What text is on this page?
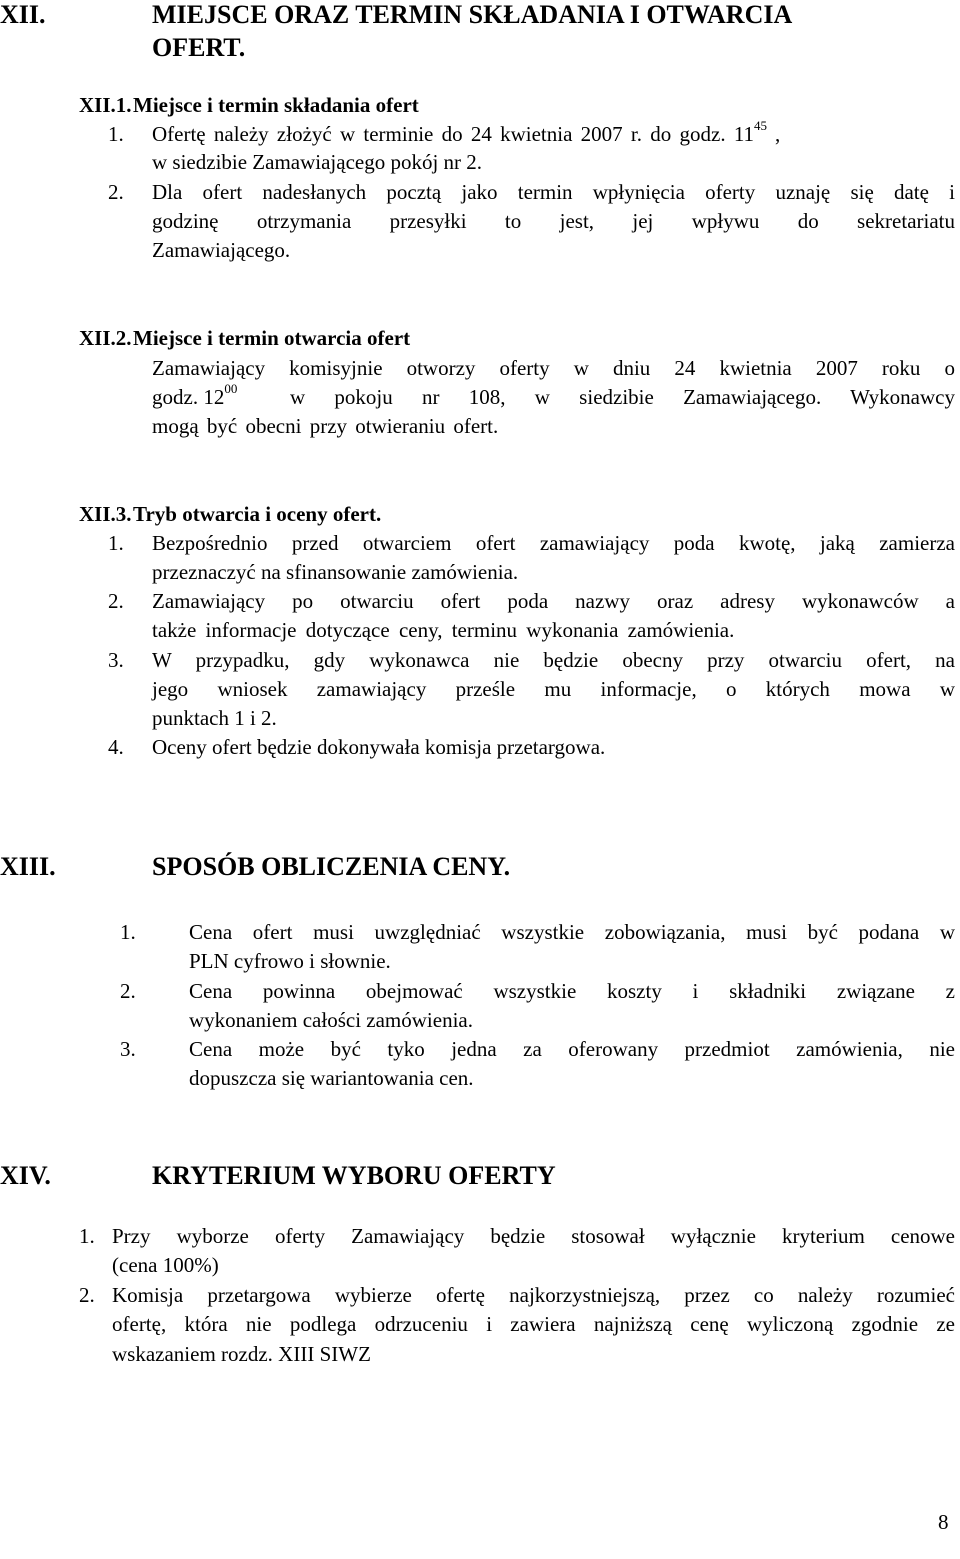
XII.	MIEJSCE ORAZ TERMIN SKŁADANIA I OTWARCIA
OFERT.
XII.1. Miejsce i termin składania ofert
1. Ofertę należy złożyć w terminie do 24 kwietnia 2007 r. do godz. $11^{45}$ ,
w siedzibie Zamawiającego pokój nr 2.
2. Dla ofert nadesłanych pocztą jako termin wpłynięcia oferty uznaję się datę i
godzinę otrzymania przesyłki to jest, jej wpływu do sekretariatu
Zamawiającego.
XII.2. Miejsce i termin otwarcia ofert
Zamawiający komisyjnie otworzy oferty w dniu 24 kwietnia 2007 roku o
godz. $12^{00}$	w pokoju nr 108, w siedzibie Zamawiającego. Wykonawcy
mogą być obecni przy otwieraniu ofert.
XII.3. Tryb otwarcia i oceny ofert.
1. Bezpośrednio przed otwarciem ofert zamawiający poda kwotę, jaką zamierza
przeznaczyć na sfinansowanie zamówienia.
2. Zamawiający po otwarciu ofert poda nazwy oraz adresy wykonawców a
także informacje dotyczące ceny, terminu wykonania zamówienia.
3. W przypadku, gdy wykonawca nie będzie obecny przy otwarciu ofert, na
jego wniosek zamawiający prześle mu informacje, o których mowa w
punktach 1 i 2.
4. Oceny ofert będzie dokonywała komisja przetargowa.
XIII.	SPOSÓB OBLICZENIA CENY.
1.	Cena ofert musi uwzględniać wszystkie zobowiązania, musi być podana w
PLN cyfrowo i słownie.
2.	Cena powinna obejmować wszystkie koszty i składniki związane z
wykonaniem całości zamówienia.
3.	Cena może być tyko jedna za oferowany przedmiot zamówienia, nie
dopuszcza się wariantowania cen.
XIV.	KRYTERIUM WYBORU OFERTY
1. Przy wyborze oferty Zamawiający będzie stosował wyłącznie kryterium cenowe
(cena 100%)
2. Komisja przetargowa wybierze ofertę najkorzystniejszą, przez co należy rozumieć
ofertę, która nie podlega odrzuceniu i zawiera najniższą cenę wyliczoną zgodnie ze
wskazaniem rozdz. XIII SIWZ
8
